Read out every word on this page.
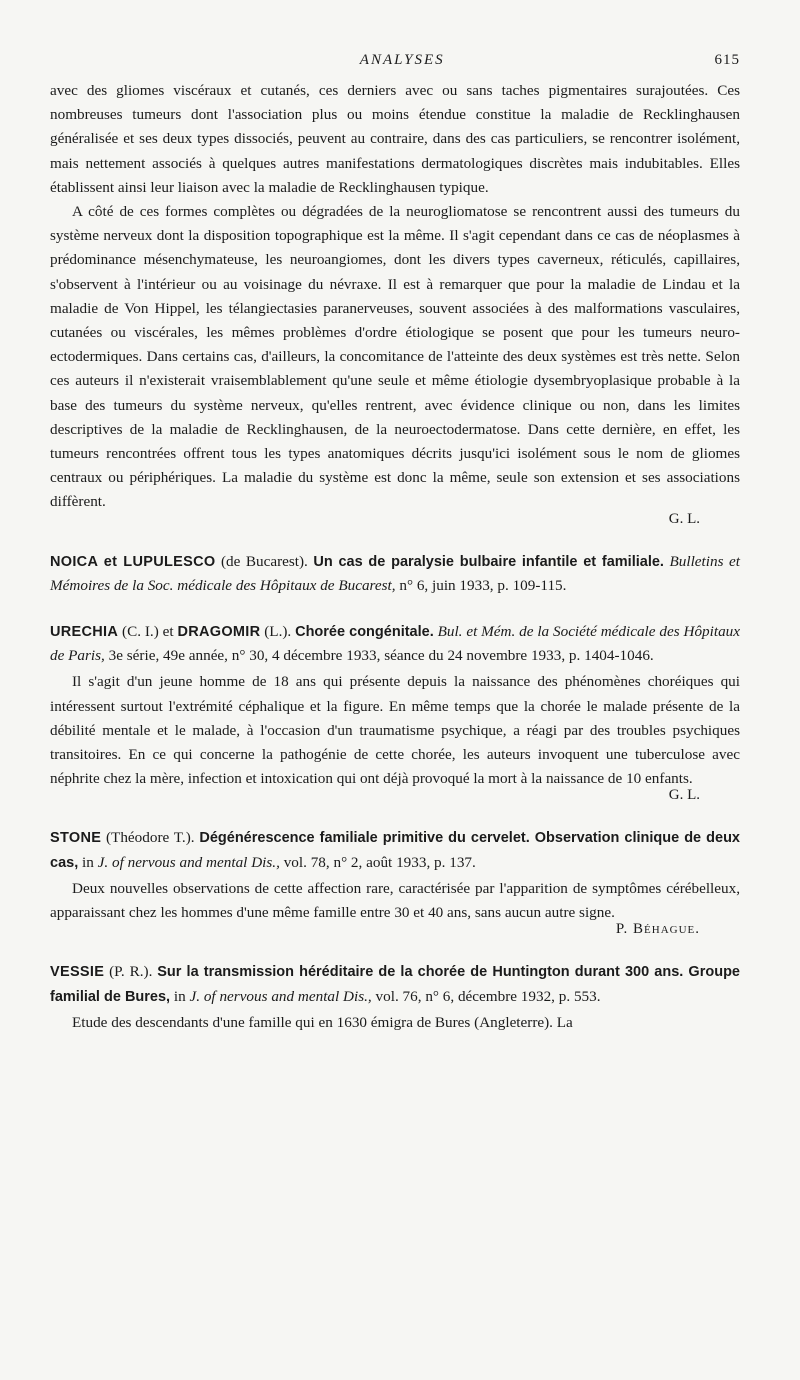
ANALYSES	615

avec des gliomes viscéraux et cutanés, ces derniers avec ou sans taches pigmentaires surajoutées. Ces nombreuses tumeurs dont l'association plus ou moins étendue constitue la maladie de Recklinghausen généralisée et ses deux types dissociés, peuvent au contraire, dans des cas particuliers, se rencontrer isolément, mais nettement associés à quelques autres manifestations dermatologiques discrètes mais indubitables. Elles établissent ainsi leur liaison avec la maladie de Recklinghausen typique.

A côté de ces formes complètes ou dégradées de la neurogliomatose se rencontrent aussi des tumeurs du système nerveux dont la disposition topographique est la même. Il s'agit cependant dans ce cas de néoplasmes à prédominance mésenchymateuse, les neuroangiomes, dont les divers types caverneux, réticulés, capillaires, s'observent à l'intérieur ou au voisinage du névraxe. Il est à remarquer que pour la maladie de Lindau et la maladie de Von Hippel, les télangiectasies paranerveuses, souvent associées à des malformations vasculaires, cutanées ou viscérales, les mêmes problèmes d'ordre étiologique se posent que pour les tumeurs neuro-ectodermiques. Dans certains cas, d'ailleurs, la concomitance de l'atteinte des deux systèmes est très nette. Selon ces auteurs il n'existerait vraisemblablement qu'une seule et même étiologie dysembryoplasique probable à la base des tumeurs du système nerveux, qu'elles rentrent, avec évidence clinique ou non, dans les limites descriptives de la maladie de Recklinghausen, de la neuroectodermatose. Dans cette dernière, en effet, les tumeurs rencontrées offrent tous les types anatomiques décrits jusqu'ici isolément sous le nom de gliomes centraux ou périphériques. La maladie du système est donc la même, seule son extension et ses associations diffèrent.

G. L.

NOICA et LUPULESCO (de Bucarest). Un cas de paralysie bulbaire infantile et familiale. Bulletins et Mémoires de la Soc. médicale des Hôpitaux de Bucarest, n° 6, juin 1933, p. 109-115.

URECHIA (C. I.) et DRAGOMIR (L.). Chorée congénitale. Bul. et Mém. de la Société médicale des Hôpitaux de Paris, 3e série, 49e année, n° 30, 4 décembre 1933, séance du 24 novembre 1933, p. 1404-1046.

Il s'agit d'un jeune homme de 18 ans qui présente depuis la naissance des phénomènes choréiques qui intéressent surtout l'extrémité céphalique et la figure. En même temps que la chorée le malade présente de la débilité mentale et le malade, à l'occasion d'un traumatisme psychique, a réagi par des troubles psychiques transitoires. En ce qui concerne la pathogénie de cette chorée, les auteurs invoquent une tuberculose avec néphrite chez la mère, infection et intoxication qui ont déjà provoqué la mort à la naissance de 10 enfants.

G. L.

STONE (Théodore T.). Dégénérescence familiale primitive du cervelet. Observation clinique de deux cas, in J. of nervous and mental Dis., vol. 78, n° 2, août 1933, p. 137.

Deux nouvelles observations de cette affection rare, caractérisée par l'apparition de symptômes cérébelleux, apparaissant chez les hommes d'une même famille entre 30 et 40 ans, sans aucun autre signe.

P. Béhague.

VESSIE (P. R.). Sur la transmission héréditaire de la chorée de Huntington durant 300 ans. Groupe familial de Bures, in J. of nervous and mental Dis., vol. 76, n° 6, décembre 1932, p. 553.

Etude des descendants d'une famille qui en 1630 émigra de Bures (Angleterre). La
